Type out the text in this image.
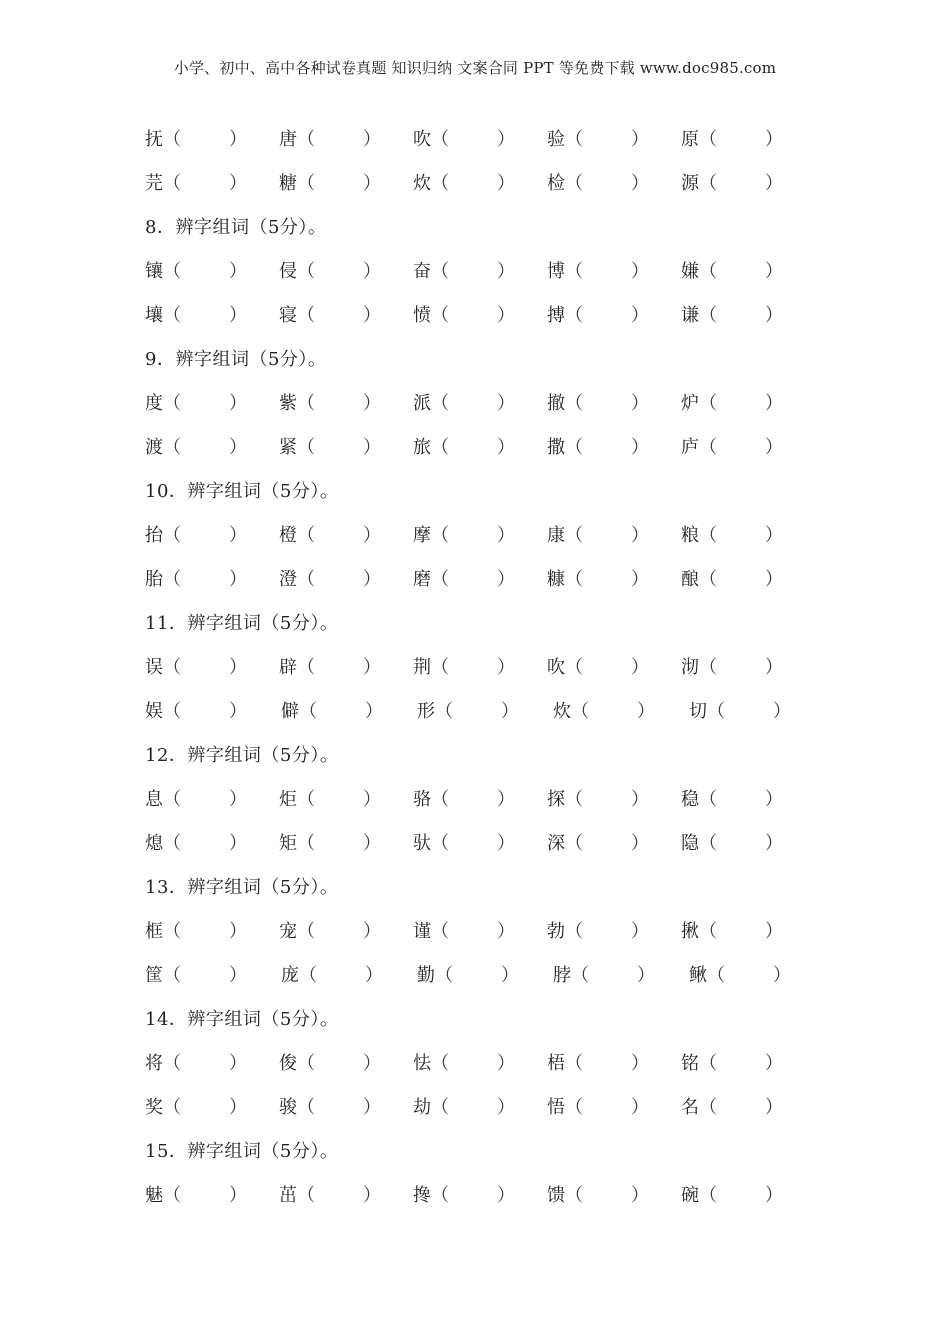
小学、初中、高中各种试卷真题 知识归纳 文案合同 PPT 等免费下载 www.doc985.com
抚（	） 唐（	） 吹（	） 验（	） 原（	）
芫（	） 糖（	） 炊（	） 检（	） 源（	）
8．辨字组词（5分）。
镶（	） 侵（	） 奋（	） 博（	） 嫌（	）
壤（	） 寝（	） 愤（	） 搏（	） 谦（	）
9．辨字组词（5分）。
度（	） 紫（	） 派（	） 撤（	） 炉（	）
渡（	） 紧（	） 旅（	） 撒（	） 庐（	）
10．辨字组词（5分）。
抬（	） 橙（	） 摩（	） 康（	） 粮（	）
胎（	） 澄（	） 磨（	） 糠（	） 酿（	）
11．辨字组词（5分）。
误（	） 辟（	） 荆（	） 吹（	） 沏（	）
娱（	） 僻（	） 形（	） 炊（	） 切（	）
12．辨字组词（5分）。
息（	） 炬（	） 骆（	） 探（	） 稳（	）
熄（	） 矩（	） 驮（	） 深（	） 隐（	）
13．辨字组词（5分）。
框（	） 宠（	） 谨（	） 勃（	） 揪（	）
筐（	） 庞（	） 勤（	） 脖（	） 鳅（	）
14．辨字组词（5分）。
将（	） 俊（	） 怯（	） 梧（	） 铭（	）
奖（	） 骏（	） 劫（	） 悟（	） 名（	）
15．辨字组词（5分）。
魅（	） 茁（	） 搀（	） 馈（	） 碗（	）
